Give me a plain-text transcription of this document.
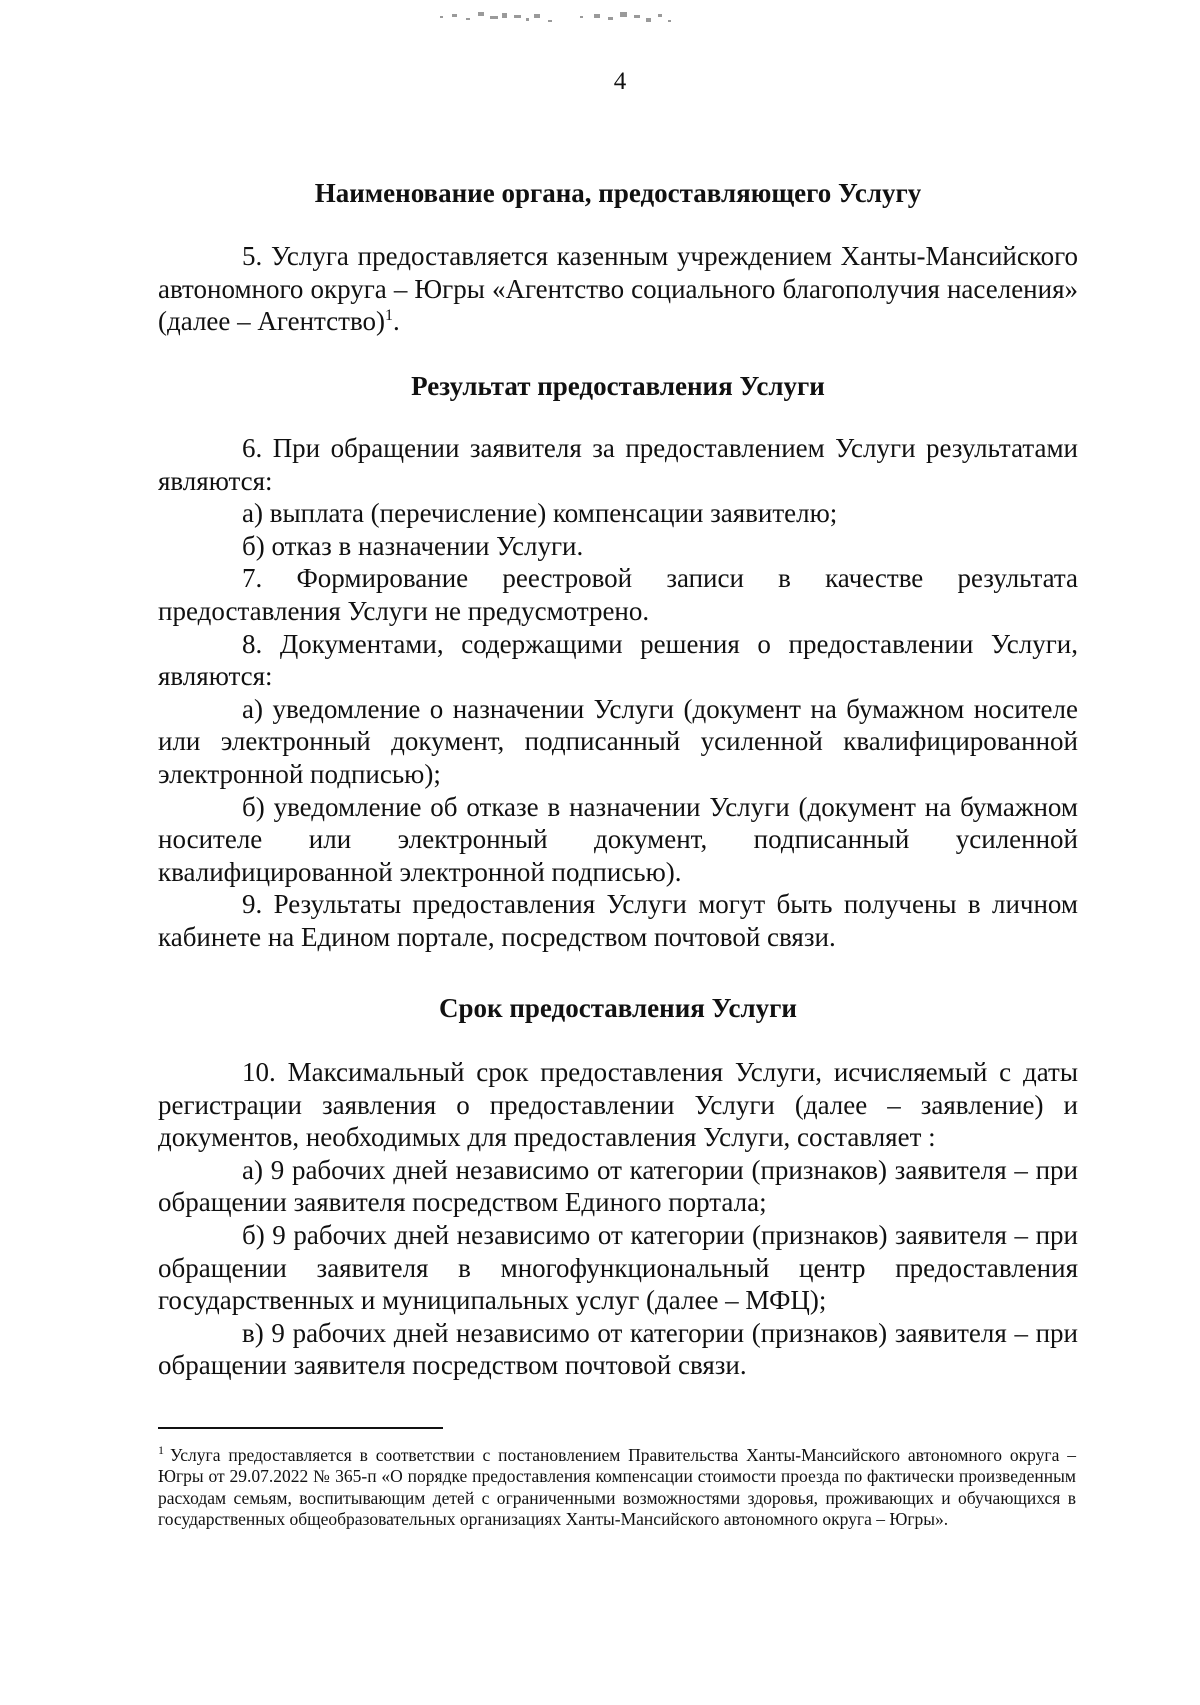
4
Наименование органа, предоставляющего Услугу

5. Услуга предоставляется казенным учреждением Ханты-Мансийского автономного округа – Югры «Агентство социального благополучия населения» (далее – Агентство)$^1$.

Результат предоставления Услуги

6. При обращении заявителя за предоставлением Услуги результатами являются:

а) выплата (перечисление) компенсации заявителю;

б) отказ в назначении Услуги.

7. Формирование реестровой записи в качестве результата предоставления Услуги не предусмотрено.

8. Документами, содержащими решения о предоставлении Услуги, являются:

а) уведомление о назначении Услуги (документ на бумажном носителе или электронный документ, подписанный усиленной квалифицированной электронной подписью);

б) уведомление об отказе в назначении Услуги (документ на бумажном носителе или электронный документ, подписанный усиленной квалифицированной электронной подписью).

9. Результаты предоставления Услуги могут быть получены в личном кабинете на Едином портале, посредством почтовой связи.

Срок предоставления Услуги

10. Максимальный срок предоставления Услуги, исчисляемый с даты регистрации заявления о предоставлении Услуги (далее – заявление) и документов, необходимых для предоставления Услуги, составляет :

а) 9 рабочих дней независимо от категории (признаков) заявителя – при обращении заявителя посредством Единого портала;

б) 9 рабочих дней независимо от категории (признаков) заявителя – при обращении заявителя в многофункциональный центр предоставления государственных и муниципальных услуг (далее – МФЦ);

в) 9 рабочих дней независимо от категории (признаков) заявителя – при обращении заявителя посредством почтовой связи.

$^1$ Услуга предоставляется в соответствии с постановлением Правительства Ханты-Мансийского автономного округа – Югры от 29.07.2022 № 365-п «О порядке предоставления компенсации стоимости проезда по фактически произведенным расходам семьям, воспитывающим детей с ограниченными возможностями здоровья, проживающих и обучающихся в государственных общеобразовательных организациях Ханты-Мансийского автономного округа – Югры».
